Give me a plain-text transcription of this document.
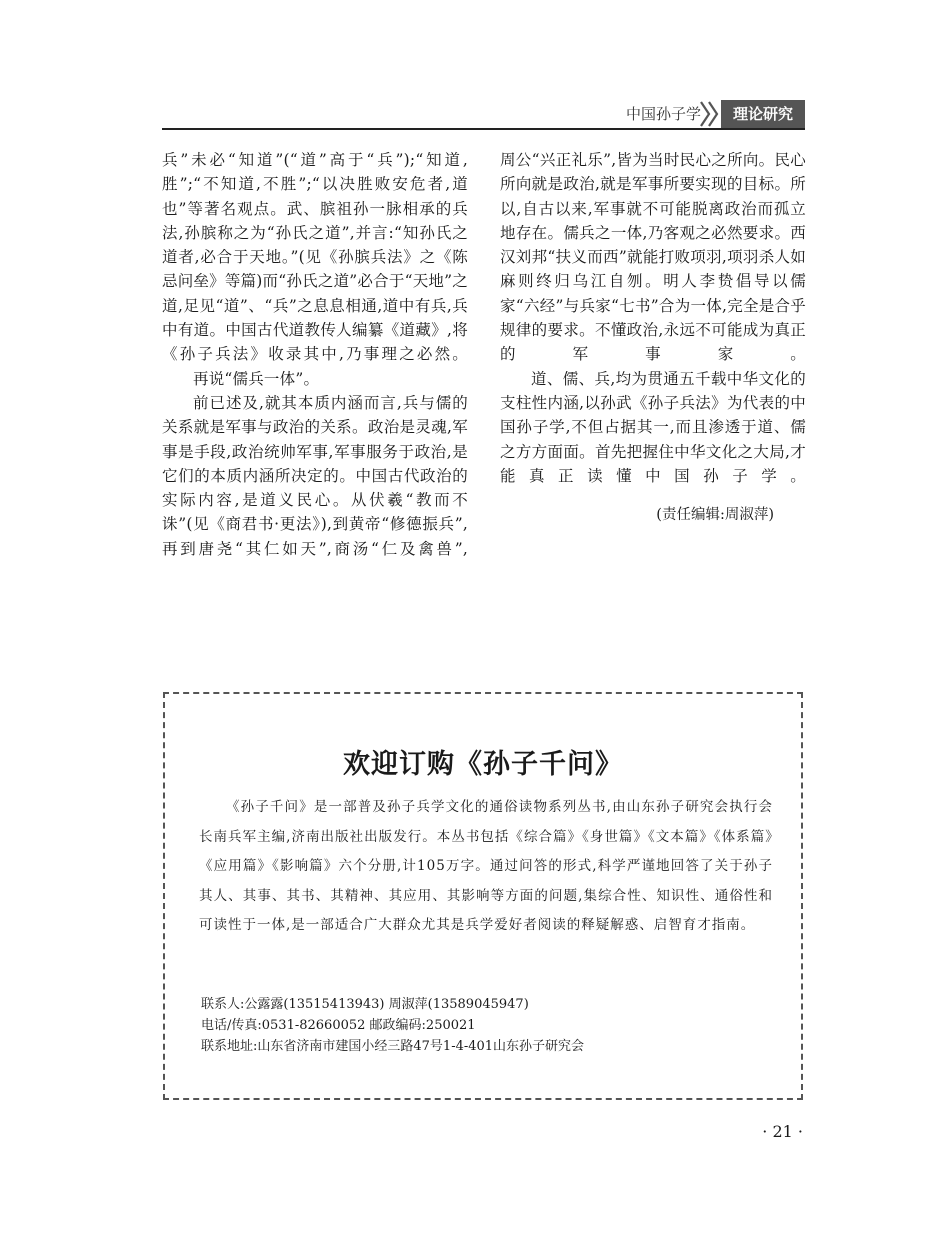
中国孙子学	理论研究

兵”未必“知道”(“道”高于“兵”);“知道,胜”;“不知道,不胜”;“以决胜败安危者,道也”等著名观点。武、膑祖孙一脉相承的兵法,孙膑称之为“孙氏之道”,并言:“知孙氏之道者,必合于天地。”(见《孙膑兵法》之《陈忌问垒》等篇)而“孙氏之道”必合于“天地”之道,足见“道”、“兵”之息息相通,道中有兵,兵中有道。中国古代道教传人编纂《道藏》,将《孙子兵法》收录其中,乃事理之必然。

再说“儒兵一体”。

前已述及,就其本质内涵而言,兵与儒的关系就是军事与政治的关系。政治是灵魂,军事是手段,政治统帅军事,军事服务于政治,是它们的本质内涵所决定的。中国古代政治的实际内容,是道义民心。从伏羲“教而不诛”(见《商君书·更法》),到黄帝“修德振兵”,再到唐尧“其仁如天”,商汤“仁及禽兽”,

周公“兴正礼乐”,皆为当时民心之所向。民心所向就是政治,就是军事所要实现的目标。所以,自古以来,军事就不可能脱离政治而孤立地存在。儒兵之一体,乃客观之必然要求。西汉刘邦“扶义而西”就能打败项羽,项羽杀人如麻则终归乌江自刎。明人李贽倡导以儒家“六经”与兵家“七书”合为一体,完全是合乎规律的要求。不懂政治,永远不可能成为真正的军事家。

道、儒、兵,均为贯通五千载中华文化的支柱性内涵,以孙武《孙子兵法》为代表的中国孙子学,不但占据其一,而且渗透于道、儒之方方面面。首先把握住中华文化之大局,才能真正读懂中国孙子学。

(责任编辑:周淑萍)
欢迎订购《孙子千问》

《孙子千问》是一部普及孙子兵学文化的通俗读物系列丛书,由山东孙子研究会执行会长南兵军主编,济南出版社出版发行。本丛书包括《综合篇》《身世篇》《文本篇》《体系篇》《应用篇》《影响篇》六个分册,计105万字。通过问答的形式,科学严谨地回答了关于孙子其人、其事、其书、其精神、其应用、其影响等方面的问题,集综合性、知识性、通俗性和可读性于一体,是一部适合广大群众尤其是兵学爱好者阅读的释疑解惑、启智育才指南。

联系人:公露露(13515413943) 周淑萍(13589045947)
电话/传真:0531-82660052 邮政编码:250021
联系地址:山东省济南市建国小经三路47号1-4-401山东孙子研究会
· 21 ·
